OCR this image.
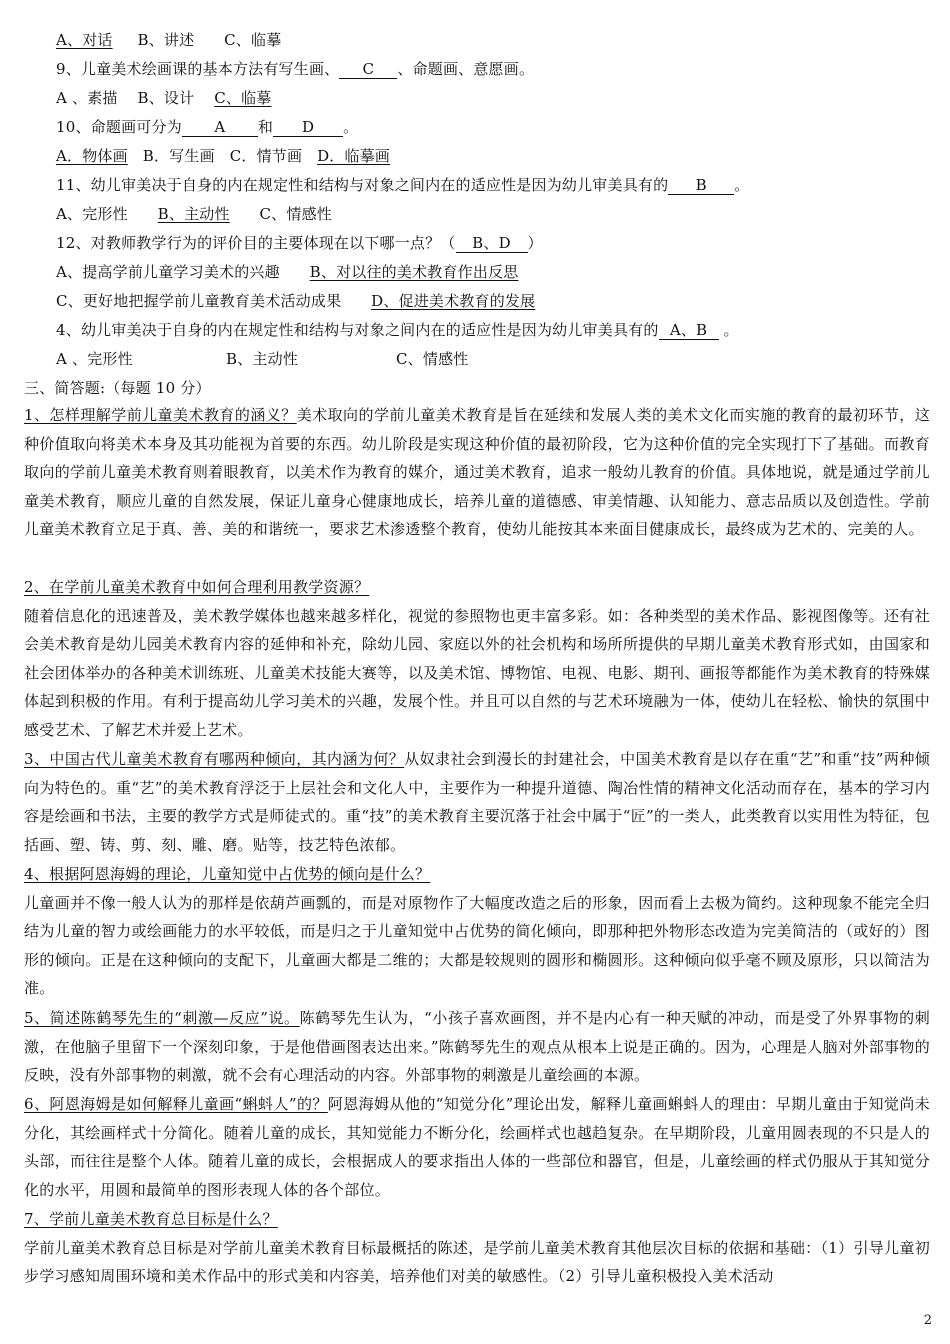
A、对话 B、讲述 C、临摹
9、儿童美术绘画课的基本方法有写生画、 C 、命题画、意愿画。
A 、素描 B、设计 C、临摹
10、命题画可分为 A 和 D 。
A．物体画 B．写生画 C．情节画 D．临摹画
11、幼儿审美决于自身的内在规定性和结构与对象之间内在的适应性是因为幼儿审美具有的 B 。
A、完形性 B、主动性 C、情感性
12、对教师教学行为的评价目的主要体现在以下哪一点？（ B、D ）
A、提高学前儿童学习美术的兴趣 B、对以往的美术教育作出反思
C、更好地把握学前儿童教育美术活动成果 D、促进美术教育的发展
4、幼儿审美决于自身的内在规定性和结构与对象之间内在的适应性是因为幼儿审美具有的 A、B 。
A 、完形性	B、主动性	C、情感性
三、简答题:（每题 10 分）
1、怎样理解学前儿童美术教育的涵义？美术取向的学前儿童美术教育是旨在延续和发展人类的美术文化而实施的教育的最初环节，这种价值取向将美术本身及其功能视为首要的东西。幼儿阶段是实现这种价值的最初阶段，它为这种价值的完全实现打下了基础。而教育取向的学前儿童美术教育则着眼教育，以美术作为教育的媒介，通过美术教育，追求一般幼儿教育的价值。具体地说，就是通过学前儿童美术教育，顺应儿童的自然发展，保证儿童身心健康地成长，培养儿童的道德感、审美情趣、认知能力、意志品质以及创造性。学前儿童美术教育立足于真、善、美的和谐统一，要求艺术渗透整个教育，使幼儿能按其本来面目健康成长，最终成为艺术的、完美的人。
2、在学前儿童美术教育中如何合理利用教学资源？
随着信息化的迅速普及，美术教学媒体也越来越多样化，视觉的参照物也更丰富多彩。如：各种类型的美术作品、影视图像等。还有社会美术教育是幼儿园美术教育内容的延伸和补充，除幼儿园、家庭以外的社会机构和场所所提供的早期儿童美术教育形式如，由国家和社会团体举办的各种美术训练班、儿童美术技能大赛等，以及美术馆、博物馆、电视、电影、期刊、画报等都能作为美术教育的特殊媒体起到积极的作用。有利于提高幼儿学习美术的兴趣，发展个性。并且可以自然的与艺术环境融为一体，使幼儿在轻松、愉快的氛围中感受艺术、了解艺术并爱上艺术。
3、中国古代儿童美术教育有哪两种倾向，其内涵为何？从奴隶社会到漫长的封建社会，中国美术教育是以存在重“艺”和重“技”两种倾向为特色的。重“艺”的美术教育浮泛于上层社会和文化人中，主要作为一种提升道德、陶冶性情的精神文化活动而存在，基本的学习内容是绘画和书法，主要的教学方式是师徒式的。重“技”的美术教育主要沉落于社会中属于“匠”的一类人，此类教育以实用性为特征，包括画、塑、铸、剪、刻、雕、磨。贴等，技艺特色浓郁。
4、根据阿恩海姆的理论，儿童知觉中占优势的倾向是什么？
儿童画并不像一般人认为的那样是依葫芦画瓢的，而是对原物作了大幅度改造之后的形象，因而看上去极为简约。这种现象不能完全归结为儿童的智力或绘画能力的水平较低，而是归之于儿童知觉中占优势的简化倾向，即那种把外物形态改造为完美简洁的（或好的）图形的倾向。正是在这种倾向的支配下，儿童画大都是二维的；大都是较规则的圆形和椭圆形。这种倾向似乎毫不顾及原形，只以简洁为准。
5、简述陈鹤琴先生的“刺激—反应”说。陈鹤琴先生认为，“小孩子喜欢画图，并不是内心有一种天赋的冲动，而是受了外界事物的刺激，在他脑子里留下一个深刻印象，于是他借画图表达出来。”陈鹤琴先生的观点从根本上说是正确的。因为，心理是人脑对外部事物的反映，没有外部事物的刺激，就不会有心理活动的内容。外部事物的刺激是儿童绘画的本源。
6、阿恩海姆是如何解释儿童画“蝌蚪人”的？阿恩海姆从他的“知觉分化”理论出发，解释儿童画蝌蚪人的理由：早期儿童由于知觉尚未分化，其绘画样式十分简化。随着儿童的成长，其知觉能力不断分化，绘画样式也越趋复杂。在早期阶段，儿童用圆表现的不只是人的头部，而往往是整个人体。随着儿童的成长，会根据成人的要求指出人体的一些部位和器官，但是，儿童绘画的样式仍服从于其知觉分化的水平，用圆和最简单的图形表现人体的各个部位。
7、学前儿童美术教育总目标是什么？
学前儿童美术教育总目标是对学前儿童美术教育目标最概括的陈述，是学前儿童美术教育其他层次目标的依据和基础：（1）引导儿童初步学习感知周围环境和美术作品中的形式美和内容美，培养他们对美的敏感性。（2）引导儿童积极投入美术活动
2
